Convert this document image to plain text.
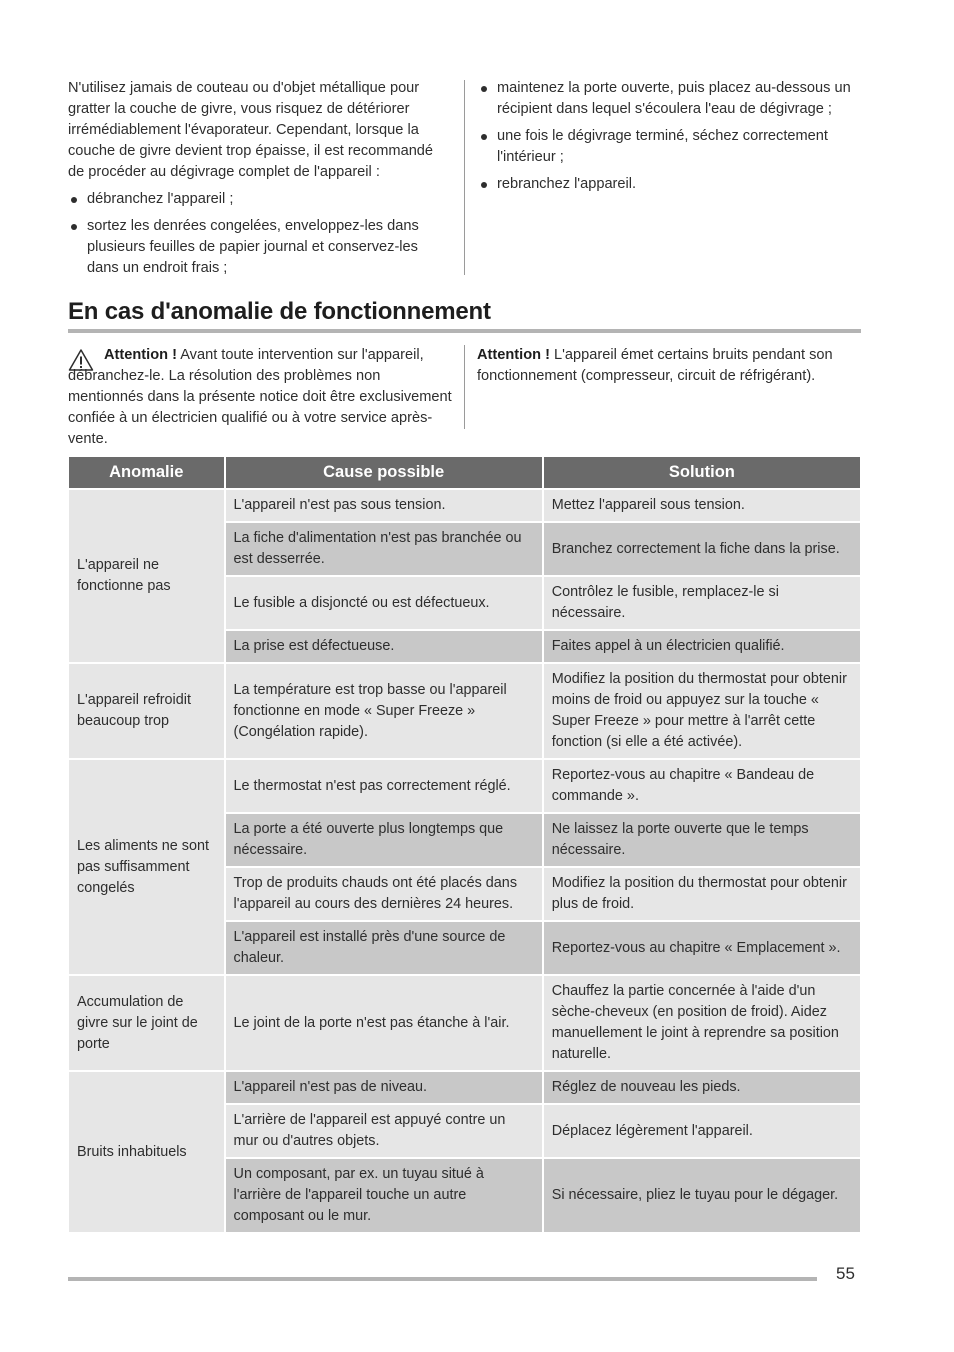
N'utilisez jamais de couteau ou d'objet métallique pour gratter la couche de givre, vous risquez de détériorer irrémédiablement l'évaporateur. Cependant, lorsque la couche de givre devient trop épaisse, il est recommandé de procéder au dégivrage complet de l'appareil :

débranchez l'appareil ;
sortez les denrées congelées, enveloppez-les dans plusieurs feuilles de papier journal et conservez-les dans un endroit frais ;
maintenez la porte ouverte, puis placez au-dessous un récipient dans lequel s'écoulera l'eau de dégivrage ;
une fois le dégivrage terminé, séchez correctement l'intérieur ;
rebranchez l'appareil.
En cas d'anomalie de fonctionnement

Attention ! Avant toute intervention sur l'appareil, débranchez-le. La résolution des problèmes non mentionnés dans la présente notice doit être exclusivement confiée à un électricien qualifié ou à votre service après-vente.

Attention ! L'appareil émet certains bruits pendant son fonctionnement (compresseur, circuit de réfrigérant).

Anomalie	Cause possible	Solution
L'appareil ne fonctionne pas	L'appareil n'est pas sous tension.	Mettez l'appareil sous tension.
	La fiche d'alimentation n'est pas branchée ou est desserrée.	Branchez correctement la fiche dans la prise.
	Le fusible a disjoncté ou est défectueux.	Contrôlez le fusible, remplacez-le si nécessaire.
	La prise est défectueuse.	Faites appel à un électricien qualifié.
L'appareil refroidit beaucoup trop	La température est trop basse ou l'appareil fonctionne en mode « Super Freeze » (Congélation rapide).	Modifiez la position du thermostat pour obtenir moins de froid ou appuyez sur la touche « Super Freeze » pour mettre à l'arrêt cette fonction (si elle a été activée).
Les aliments ne sont pas suffisamment congelés	Le thermostat n'est pas correctement réglé.	Reportez-vous au chapitre « Bandeau de commande ».
	La porte a été ouverte plus longtemps que nécessaire.	Ne laissez la porte ouverte que le temps nécessaire.
	Trop de produits chauds ont été placés dans l'appareil au cours des dernières 24 heures.	Modifiez la position du thermostat pour obtenir plus de froid.
	L'appareil est installé près d'une source de chaleur.	Reportez-vous au chapitre « Emplacement ».
Accumulation de givre sur le joint de porte	Le joint de la porte n'est pas étanche à l'air.	Chauffez la partie concernée à l'aide d'un sèche-cheveux (en position de froid). Aidez manuellement le joint à reprendre sa position naturelle.
Bruits inhabituels	L'appareil n'est pas de niveau.	Réglez de nouveau les pieds.
	L'arrière de l'appareil est appuyé contre un mur ou d'autres objets.	Déplacez légèrement l'appareil.
	Un composant, par ex. un tuyau situé à l'arrière de l'appareil touche un autre composant ou le mur.	Si nécessaire, pliez le tuyau pour le dégager.
55
